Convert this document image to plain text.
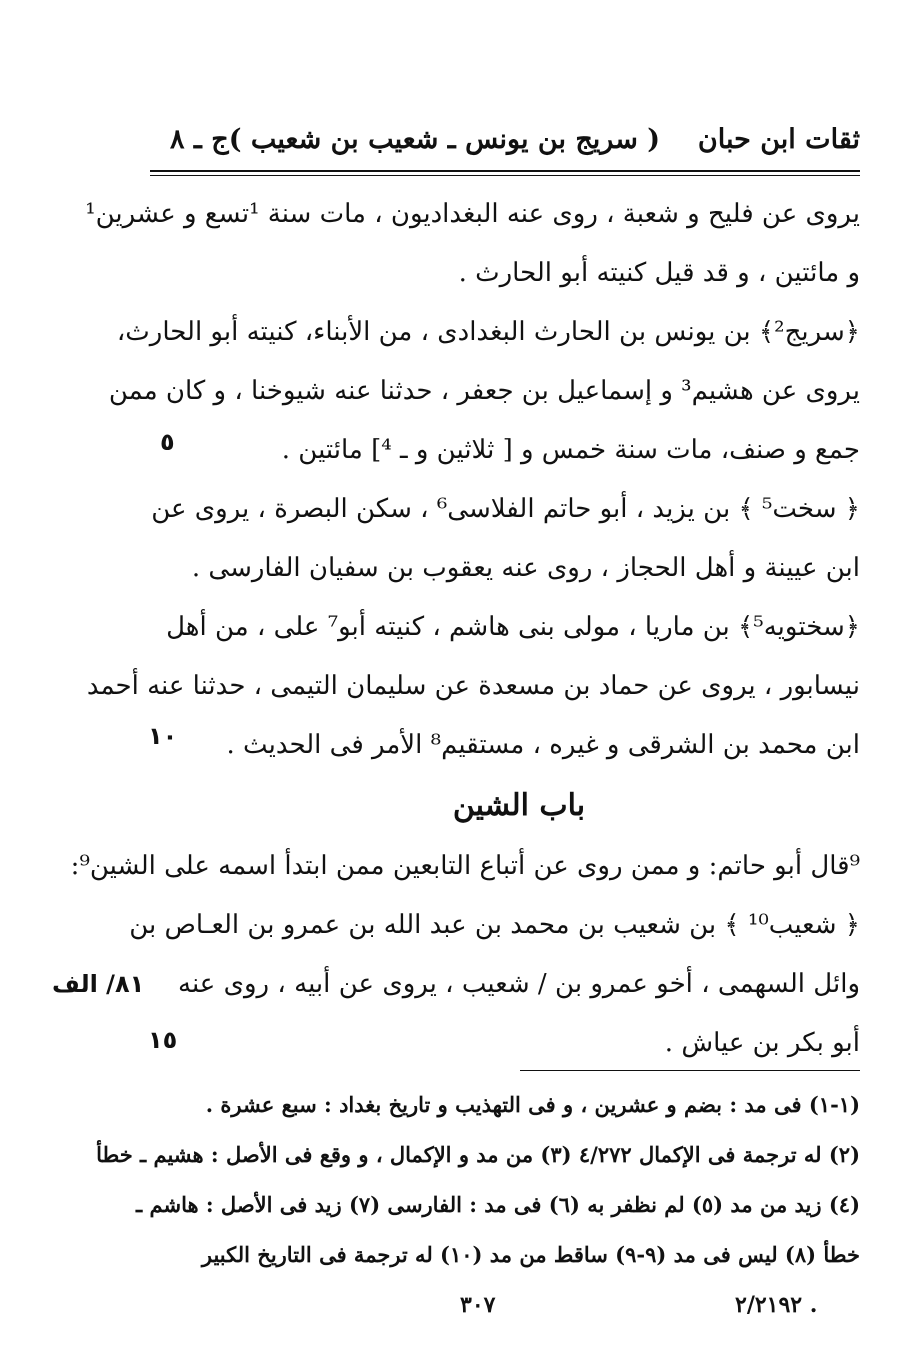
ثقات ابن حبان
( سريج بن يونس ـ شعيب بن شعيب )
ج ـ ٨
يروى عن فليح و شعبة ، روى عنه البغداديون ، مات سنة ¹تسع و عشرين¹
و مائتين ، و قد قيل كنيته أبو الحارث .
﴿سريج²﴾ بن يونس بن الحارث البغدادى ، من الأبناء، كنيته أبو الحارث،
يروى عن هشيم³ و إسماعيل بن جعفر ، حدثنا عنه شيوخنا ، و كان ممن
جمع و صنف، مات سنة خمس و [ ثلاثين و ـ ⁴] مائتين .
﴿ سخت⁵ ﴾ بن يزيد ، أبو حاتم الفلاسى⁶ ، سكن البصرة ، يروى عن
ابن عيينة و أهل الحجاز ، روى عنه يعقوب بن سفيان الفارسى .
﴿سختويه⁵﴾ بن ماريا ، مولى بنى هاشم ، كنيته أبو⁷ على ، من أهل
نيسابور ، يروى عن حماد بن مسعدة عن سليمان التيمى ، حدثنا عنه أحمد
ابن محمد بن الشرقى و غيره ، مستقيم⁸ الأمر فى الحديث .
باب الشين
⁹قال أبو حاتم: و ممن روى عن أتباع التابعين ممن ابتدأ اسمه على الشين⁹:
﴿ شعيب¹⁰ ﴾ بن شعيب بن محمد بن عبد الله بن عمرو بن العـاص بن
وائل السهمى ، أخو عمرو بن / شعيب ، يروى عن أبيه ، روى عنه
أبو بكر بن عياش .
٥
١٠
٨١/ الف
١٥
(١-١) فى مد : بضم و عشرين ، و فى التهذيب و تاريخ بغداد : سبع عشرة .
(٢) له ترجمة فى الإكمال ٤/٢٧٢ (٣) من مد و الإكمال ، و وقع فى الأصل : هشيم ـ خطأ
(٤) زيد من مد (٥) لم نظفر به (٦) فى مد : الفارسى (٧) زيد فى الأصل : هاشم ـ
خطأ (٨) ليس فى مد (٩-٩) ساقط من مد (١٠) له ترجمة فى التاريخ الكبير
٣٠٧	٢/٢١٩٢ .
